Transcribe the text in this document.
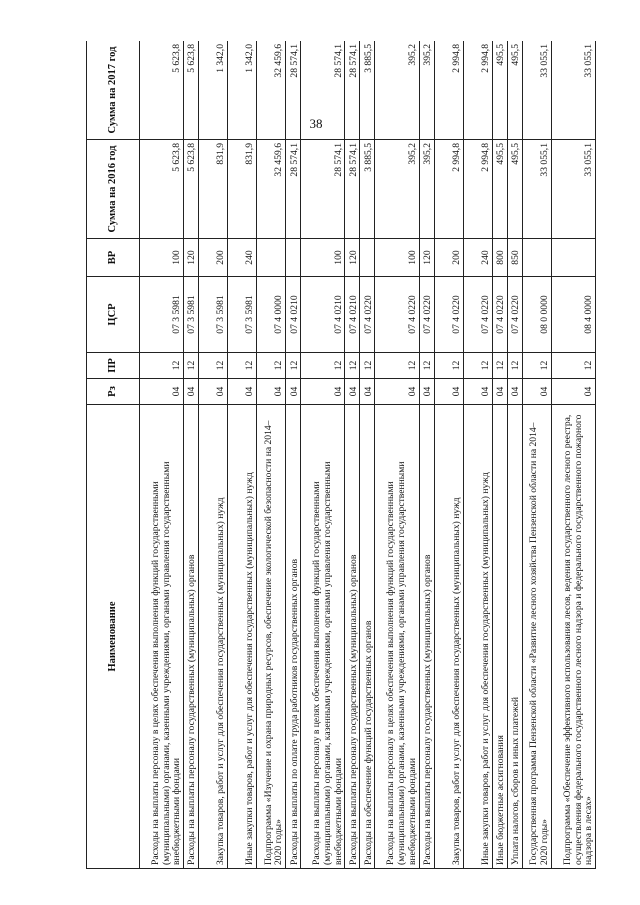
38
Наименование	Рз	ПР	ЦСР	ВР	Сумма на 2016 год	Сумма на 2017 год
Расходы на выплаты персоналу в целях обеспечения выполнения функций государственными (муниципальными) органами, казенными учреждениями, органами управления государственными внебюджетными фондами	04	12	07 3 5981	100	5 623,8	5 623,8
Расходы на выплаты персоналу государственных (муниципальных) органов	04	12	07 3 5981	120	5 623,8	5 623,8
Закупка товаров, работ и услуг для обеспечения государственных (муниципальных) нужд	04	12	07 3 5981	200	831,9	1 342,0
Иные закупки товаров, работ и услуг для обеспечения государственных (муниципальных) нужд	04	12	07 3 5981	240	831,9	1 342,0
Подпрограмма «Изучение и охрана природных ресурсов, обеспечение экологической безопасности на 2014–2020 годы»	04	12	07 4 0000		32 459,6	32 459,6
Расходы на выплаты по оплате труда работников государственных органов	04	12	07 4 0210		28 574,1	28 574,1
Расходы на выплаты персоналу в целях обеспечения выполнения функций государственными (муниципальными) органами, казенными учреждениями, органами управления государственными внебюджетными фондами	04	12	07 4 0210	100	28 574,1	28 574,1
Расходы на выплаты персоналу государственных (муниципальных) органов	04	12	07 4 0210	120	28 574,1	28 574,1
Расходы на обеспечение функций государственных органов	04	12	07 4 0220		3 885,5	3 885,5
Расходы на выплаты персоналу в целях обеспечения выполнения функций государственными (муниципальными) органами, казенными учреждениями, органами управления государственными внебюджетными фондами	04	12	07 4 0220	100	395,2	395,2
Расходы на выплаты персоналу государственных (муниципальных) органов	04	12	07 4 0220	120	395,2	395,2
Закупка товаров, работ и услуг для обеспечения государственных (муниципальных) нужд	04	12	07 4 0220	200	2 994,8	2 994,8
Иные закупки товаров, работ и услуг для обеспечения государственных (муниципальных) нужд	04	12	07 4 0220	240	2 994,8	2 994,8
Иные бюджетные ассигнования	04	12	07 4 0220	800	495,5	495,5
Уплата налогов, сборов и иных платежей	04	12	07 4 0220	850	495,5	495,5
Государственная программа Пензенской области «Развитие лесного хозяйства Пензенской области на 2014–2020 годы»	04	12	08 0 0000		33 055,1	33 055,1
Подпрограмма «Обеспечение эффективного использования лесов, ведения государственного лесного реестра, осуществления федерального государственного лесного надзора и федерального государственного пожарного надзора в лесах»	04	12	08 4 0000		33 055,1	33 055,1
